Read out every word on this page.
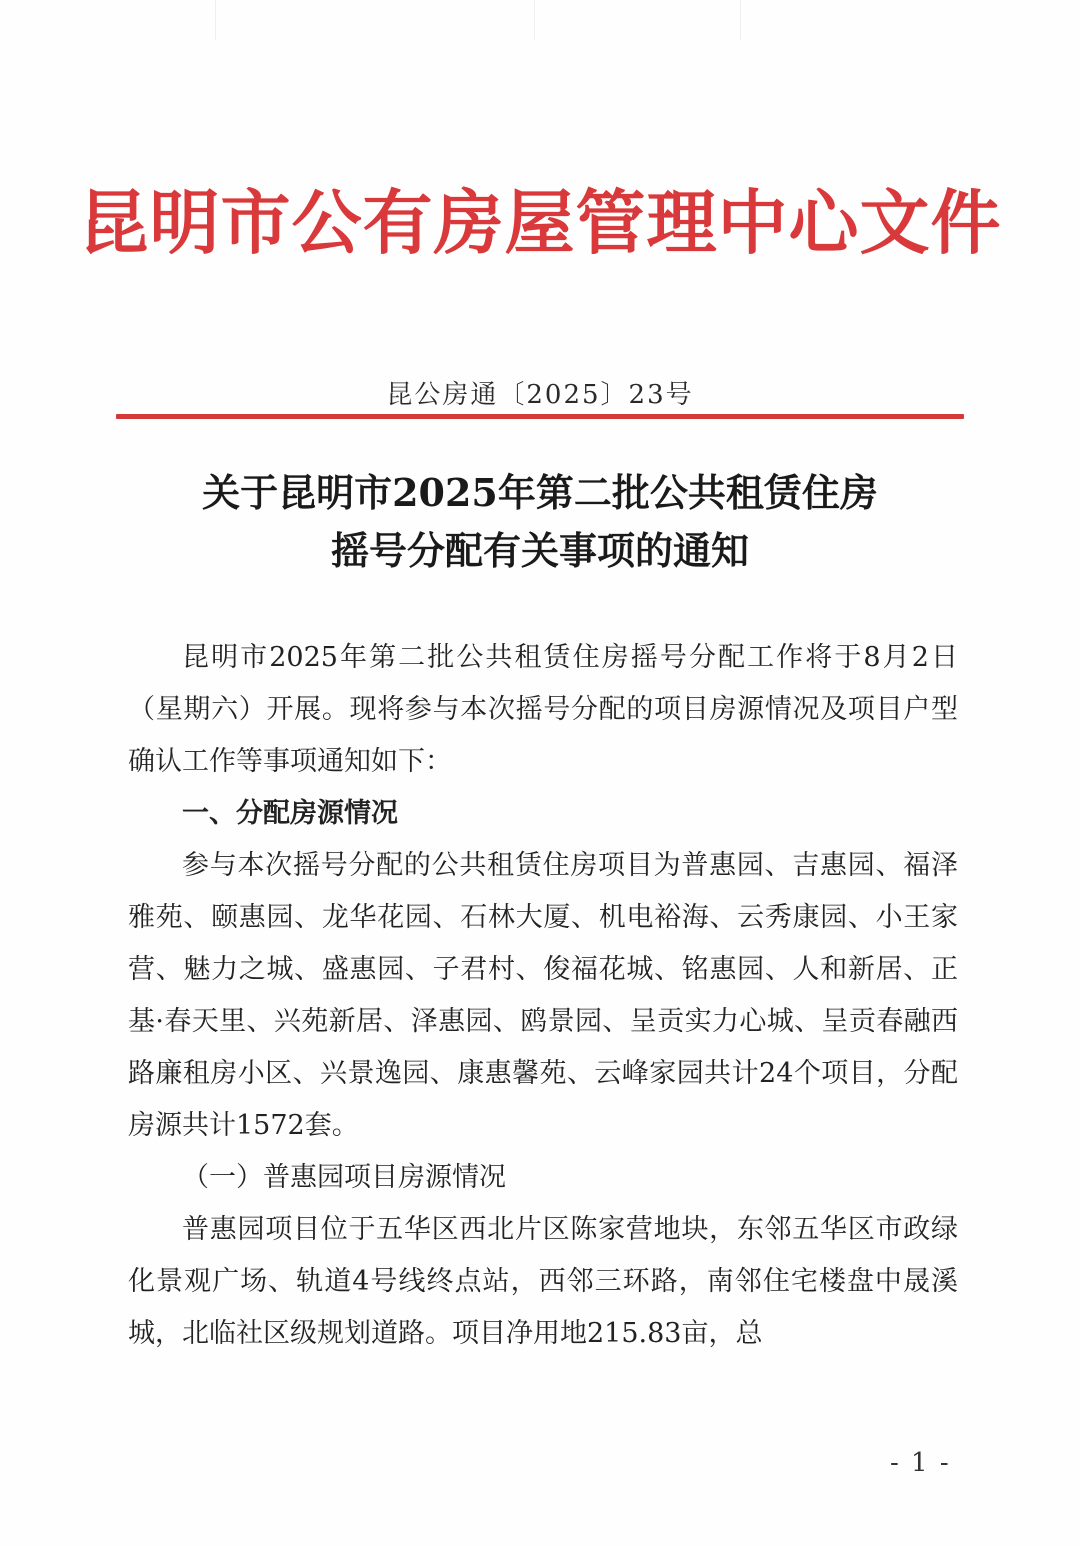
昆明市公有房屋管理中心文件
昆公房通〔2025〕23号
关于昆明市2025年第二批公共租赁住房
摇号分配有关事项的通知

昆明市2025年第二批公共租赁住房摇号分配工作将于8月2日（星期六）开展。现将参与本次摇号分配的项目房源情况及项目户型确认工作等事项通知如下：

一、分配房源情况

参与本次摇号分配的公共租赁住房项目为普惠园、吉惠园、福泽雅苑、颐惠园、龙华花园、石林大厦、机电裕海、云秀康园、小王家营、魅力之城、盛惠园、子君村、俊福花城、铭惠园、人和新居、正基·春天里、兴苑新居、泽惠园、鸥景园、呈贡实力心城、呈贡春融西路廉租房小区、兴景逸园、康惠馨苑、云峰家园共计24个项目，分配房源共计1572套。

（一）普惠园项目房源情况

普惠园项目位于五华区西北片区陈家营地块，东邻五华区市政绿化景观广场、轨道4号线终点站，西邻三环路，南邻住宅楼盘中晟溪城，北临社区级规划道路。项目净用地215.83亩，总

- 1 -
